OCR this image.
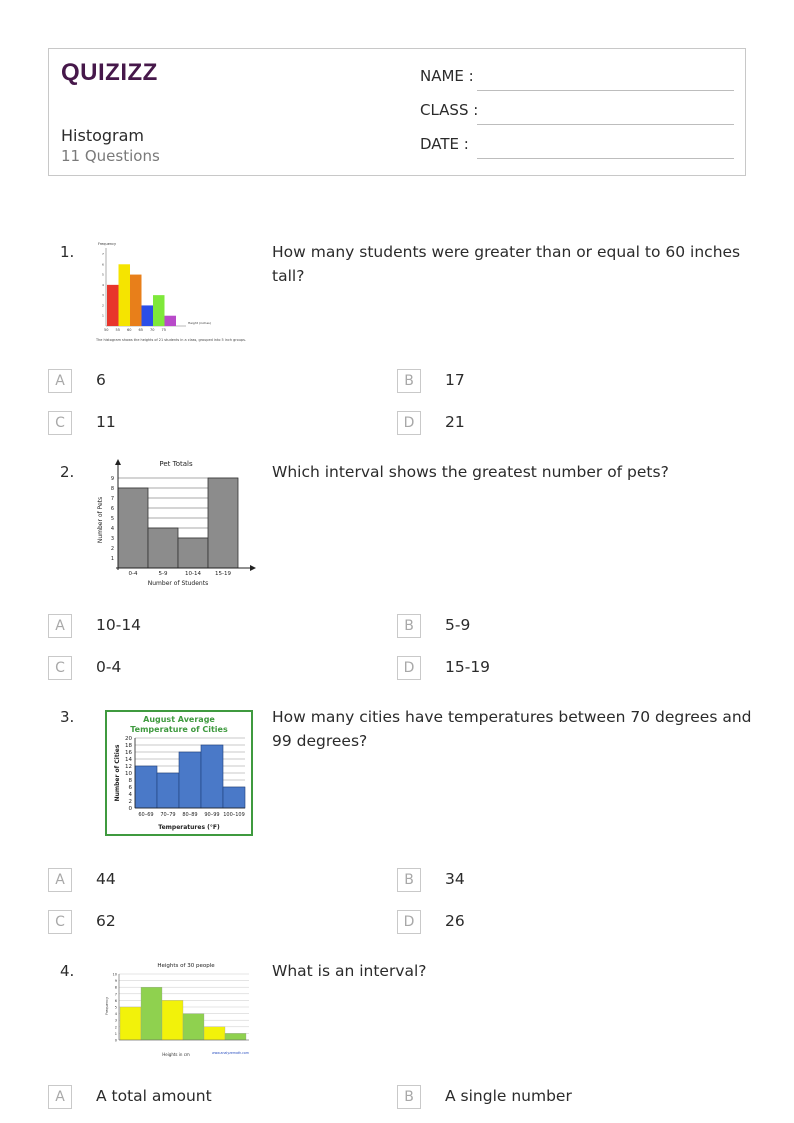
QUIZIZZ
Histogram
11 Questions
NAME :
CLASS :
DATE :
1.	Frequency
1
2
3
4
5
6
7
50 55 60 65 70 75
Height (inches)
The histogram shows the heights of 21 students in a class, grouped into 5 inch groups.
How many students were greater than or equal to 60 inches tall?
A	6	B	17
C	11	D	21
2.	Pet Totals
1
2
3
4
5
6
7
8
9
0-4	5-9	10-14	15-19
Number of Students
Number of Pets
Which interval shows the greatest number of pets?
A	10-14	B	5-9
C	0-4	D	15-19
3.	August Average
Temperature of Cities
0
2
4
6
8
10
12
14
16
18
20
60–69 70–79 80–89 90–99 100–109
Temperatures (°F)
Number of Cities
How many cities have temperatures between 70 degrees and 99 degrees?
A	44	B	34
C	62	D	26
4.	Heights of 30 people
0
1
2
3
4
5
6
7
8
9
10
Frequency
Heights in cm	www.analyzemath.com
What is an interval?
A	A total amount	B	A single number
